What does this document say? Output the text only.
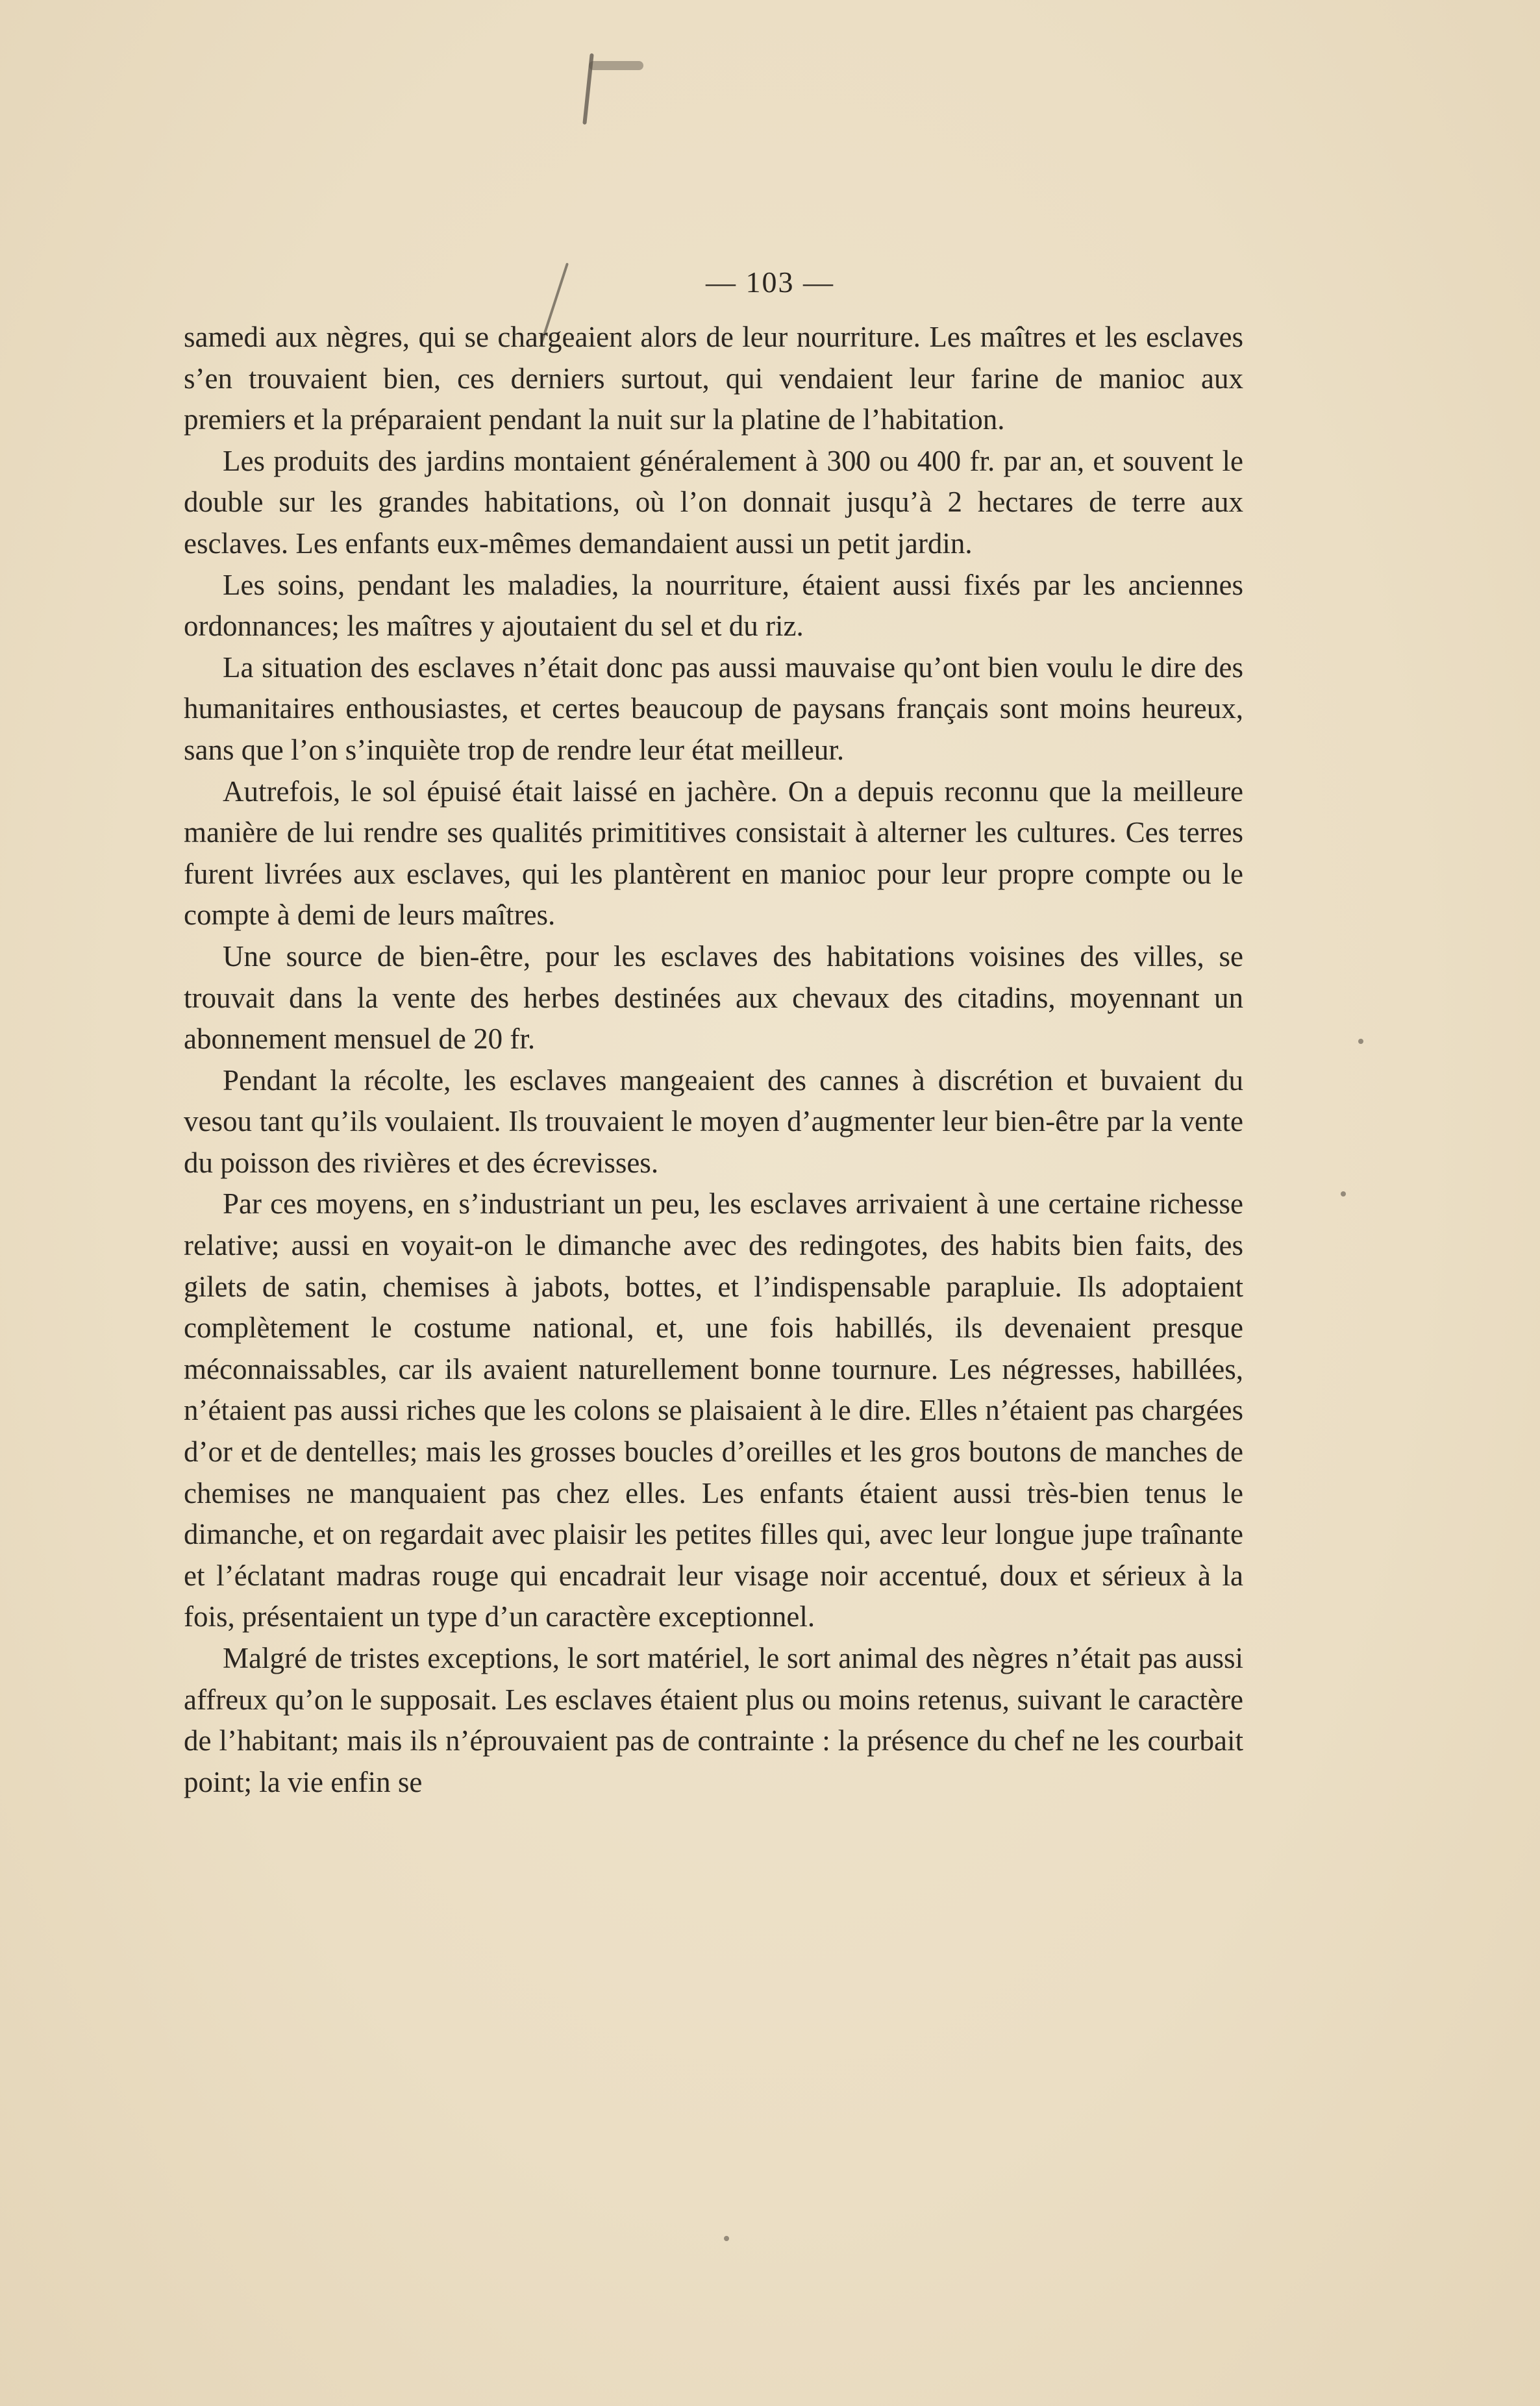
— 103 —

samedi aux nègres, qui se chargeaient alors de leur nourriture. Les maîtres et les esclaves s’en trouvaient bien, ces derniers surtout, qui vendaient leur farine de manioc aux premiers et la préparaient pendant la nuit sur la platine de l’habitation.

Les produits des jardins montaient généralement à 300 ou 400 fr. par an, et souvent le double sur les grandes habitations, où l’on donnait jusqu’à 2 hectares de terre aux esclaves. Les enfants eux-mêmes demandaient aussi un petit jardin.

Les soins, pendant les maladies, la nourriture, étaient aussi fixés par les anciennes ordonnances; les maîtres y ajoutaient du sel et du riz.

La situation des esclaves n’était donc pas aussi mauvaise qu’ont bien voulu le dire des humanitaires enthousiastes, et certes beaucoup de paysans français sont moins heureux, sans que l’on s’inquiète trop de rendre leur état meilleur.

Autrefois, le sol épuisé était laissé en jachère. On a depuis reconnu que la meilleure manière de lui rendre ses qualités primititives consistait à alterner les cultures. Ces terres furent livrées aux esclaves, qui les plantèrent en manioc pour leur propre compte ou le compte à demi de leurs maîtres.

Une source de bien-être, pour les esclaves des habitations voisines des villes, se trouvait dans la vente des herbes destinées aux chevaux des citadins, moyennant un abonnement mensuel de 20 fr.

Pendant la récolte, les esclaves mangeaient des cannes à discrétion et buvaient du vesou tant qu’ils voulaient. Ils trouvaient le moyen d’augmenter leur bien-être par la vente du poisson des rivières et des écrevisses.

Par ces moyens, en s’industriant un peu, les esclaves arrivaient à une certaine richesse relative; aussi en voyait-on le dimanche avec des redingotes, des habits bien faits, des gilets de satin, chemises à jabots, bottes, et l’indispensable parapluie. Ils adoptaient complètement le costume national, et, une fois habillés, ils devenaient presque méconnaissables, car ils avaient naturellement bonne tournure. Les négresses, habillées, n’étaient pas aussi riches que les colons se plaisaient à le dire. Elles n’étaient pas chargées d’or et de dentelles; mais les grosses boucles d’oreilles et les gros boutons de manches de chemises ne manquaient pas chez elles. Les enfants étaient aussi très-bien tenus le dimanche, et on regardait avec plaisir les petites filles qui, avec leur longue jupe traînante et l’éclatant madras rouge qui encadrait leur visage noir accentué, doux et sérieux à la fois, présentaient un type d’un caractère exceptionnel.

Malgré de tristes exceptions, le sort matériel, le sort animal des nègres n’était pas aussi affreux qu’on le supposait. Les esclaves étaient plus ou moins retenus, suivant le caractère de l’habitant; mais ils n’éprouvaient pas de contrainte : la présence du chef ne les courbait point; la vie enfin se
